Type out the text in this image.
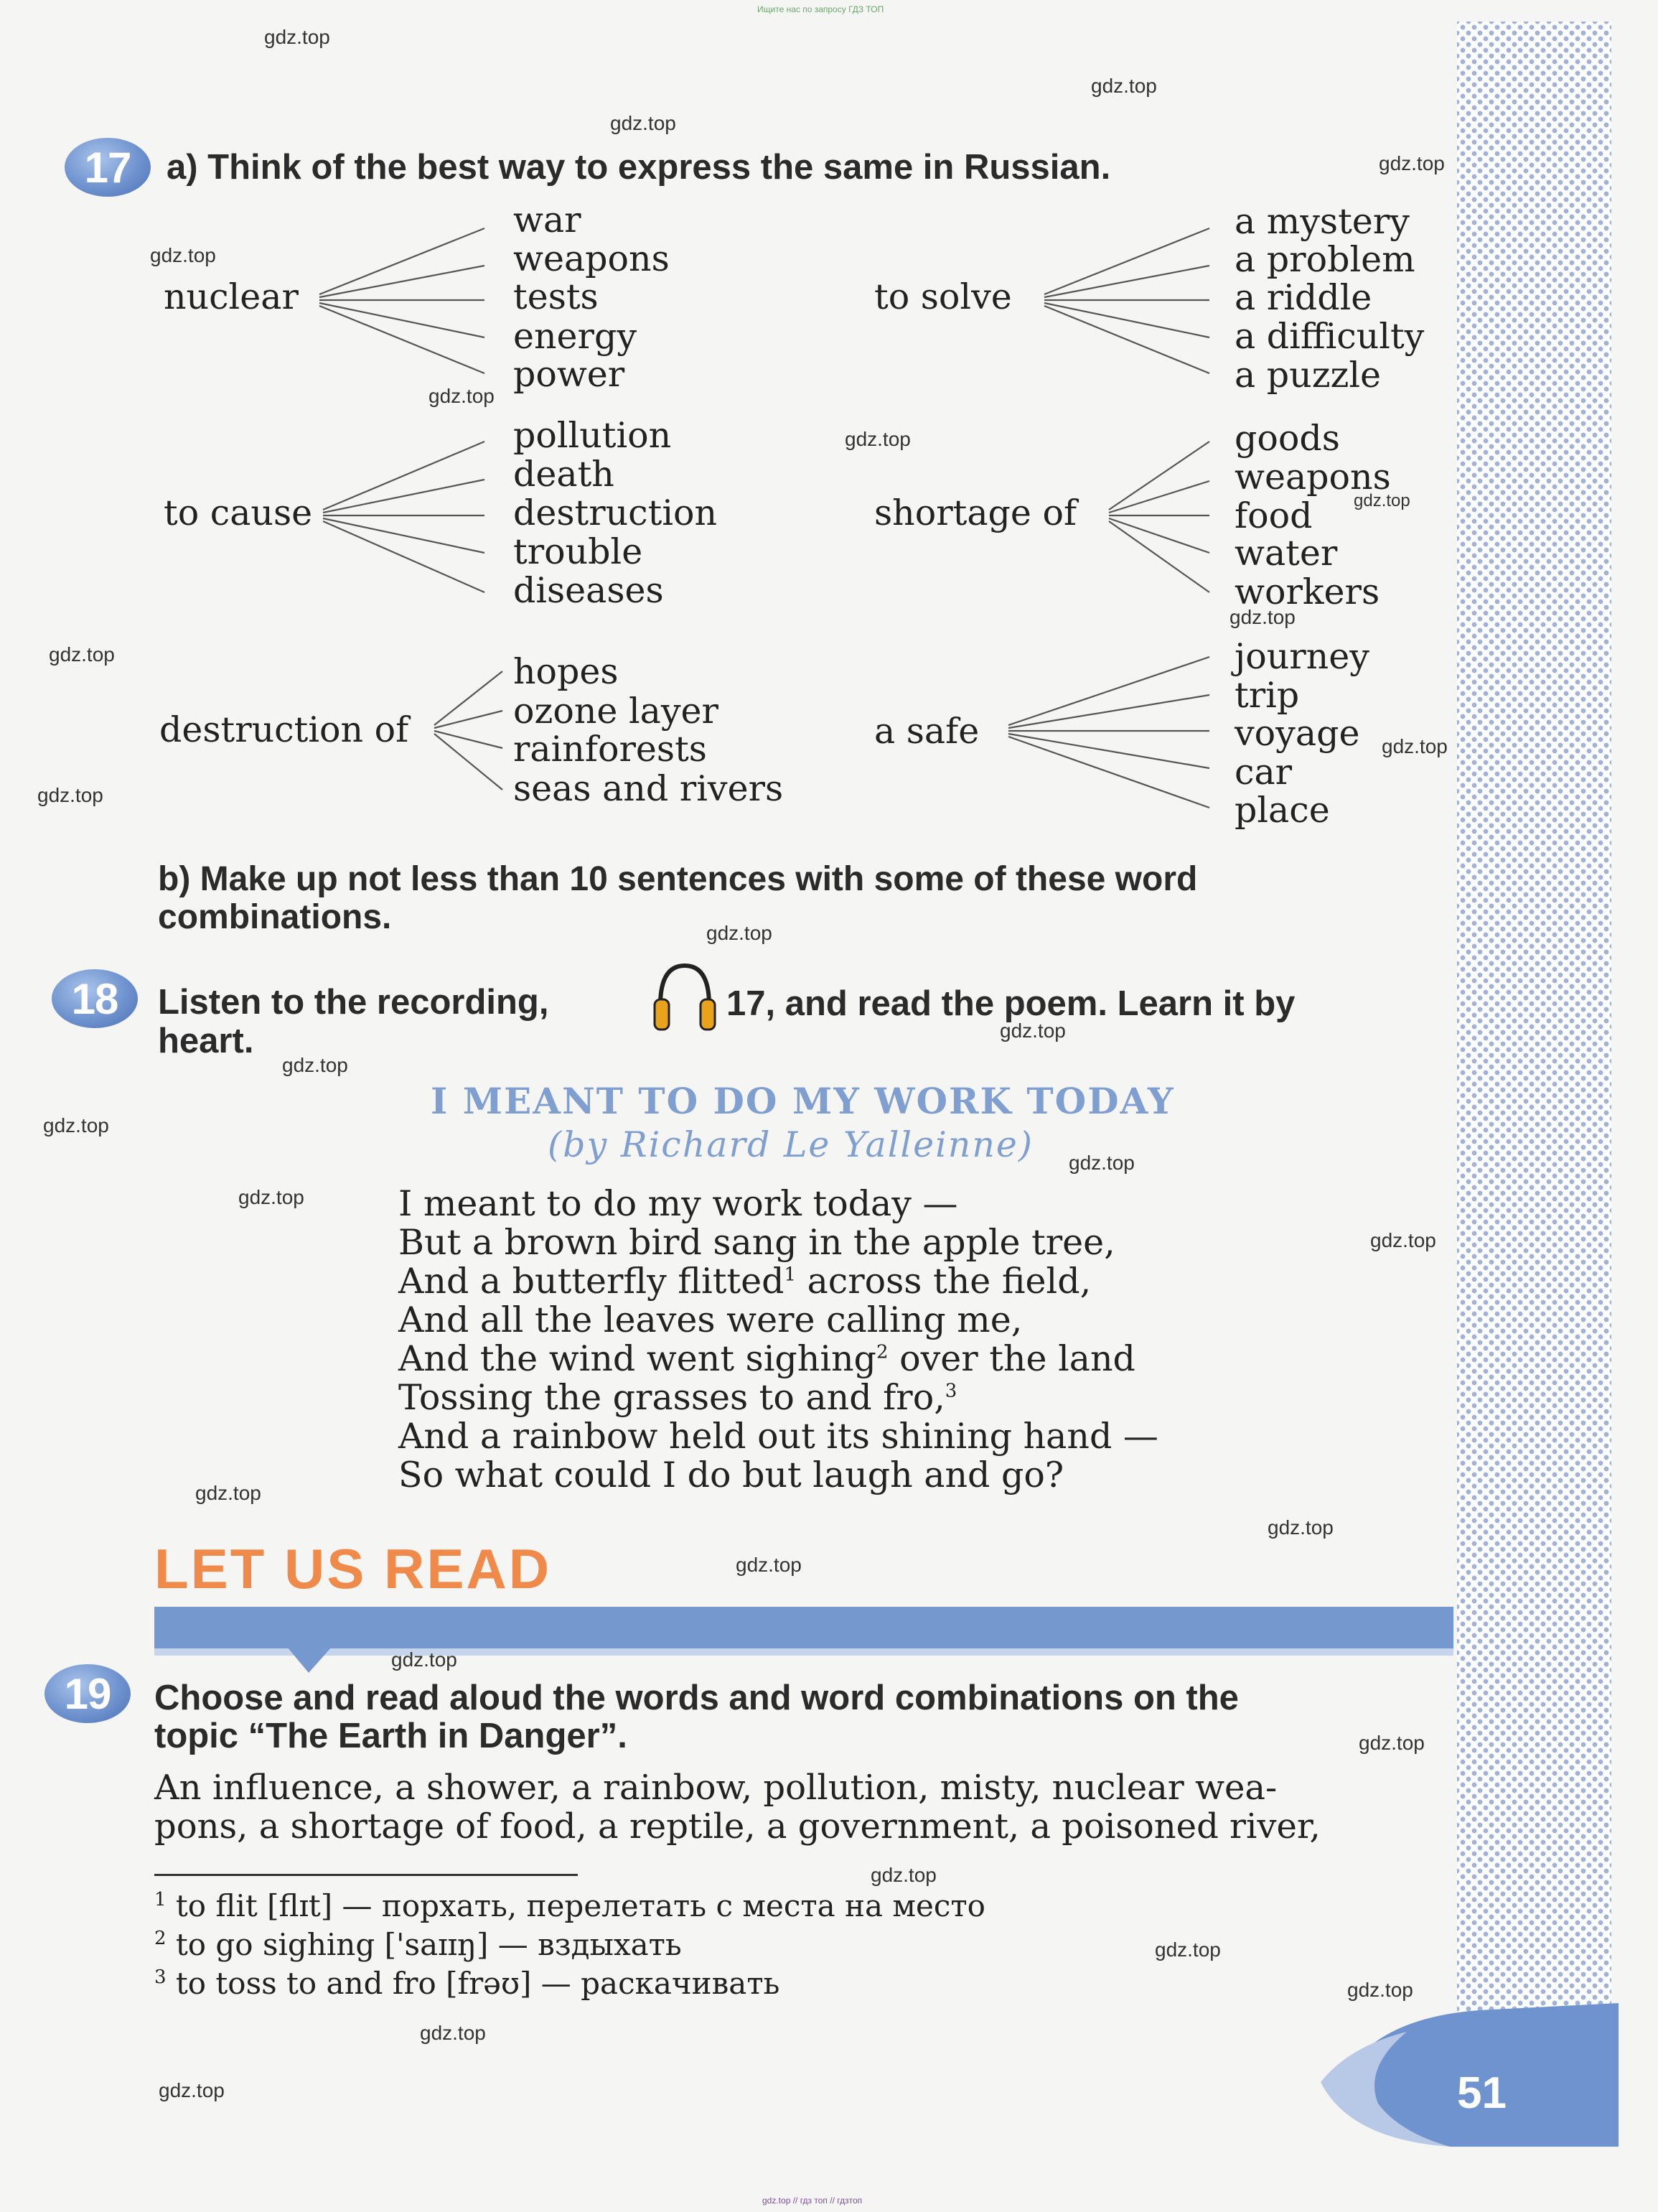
Ищите нас по запросу ГДЗ ТОП
gdz.top // гдз топ // гдзтоп
17	a) Think of the best way to express the same in Russian.
nuclear
war
weapons
tests
energy
power
to solve
a mystery
a problem
a riddle
a difficulty
a puzzle
to cause
pollution
death
destruction
trouble
diseases
shortage of
goods
weapons
food
water
workers
destruction of
hopes
ozone layer
rainforests
seas and rivers
a safe
journey
trip
voyage
car
place
b) Make up not less than 10 sentences with some of these word
combinations.
18	Listen to the recording,	17, and read the poem. Learn it by
heart.
I MEANT TO DO MY WORK TODAY
(by Richard Le Yalleinne)
I meant to do my work today —
But a brown bird sang in the apple tree,
And a butterfly flitted$^1$ across the field,
And all the leaves were calling me,
And the wind went sighing$^2$ over the land
Tossing the grasses to and fro,$^3$
And a rainbow held out its shining hand —
So what could I do but laugh and go?
LET US READ
19	Choose and read aloud the words and word combinations on the
topic “The Earth in Danger”.
An influence, a shower, a rainbow, pollution, misty, nuclear wea-
pons, a shortage of food, a reptile, a government, a poisoned river,
$^1$ to flit [flɪt] — порхать, перелетать с места на место
$^2$ to go sighing ['saɪɪŋ] — вздыхать
$^3$ to toss to and fro [frəʊ] — раскачивать
51
gdz.top
gdz.top
gdz.top
gdz.top
gdz.top
gdz.top
gdz.top
gdz.top
gdz.top
gdz.top
gdz.top
gdz.top
gdz.top
gdz.top
gdz.top
gdz.top
gdz.top
gdz.top
gdz.top
gdz.top
gdz.top
gdz.top
gdz.top
gdz.top
gdz.top
gdz.top
gdz.top
gdz.top
gdz.top
